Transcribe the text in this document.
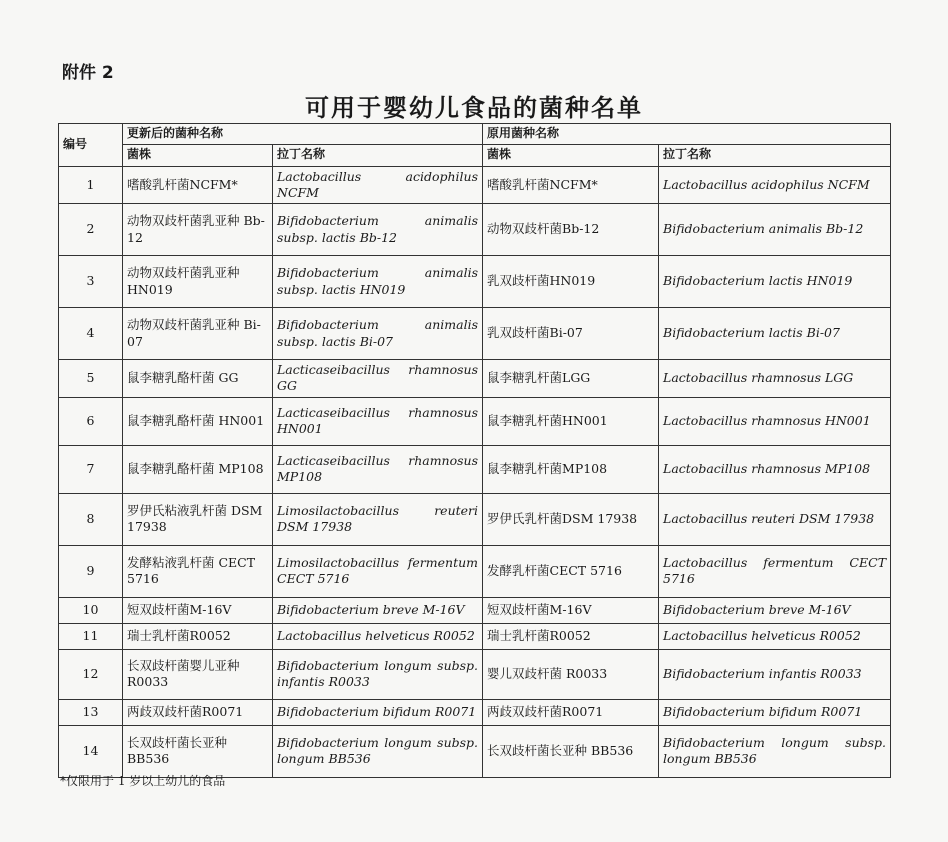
附件 2
可用于婴幼儿食品的菌种名单
编号	更新后的菌种名称		原用菌种名称	
	菌株	拉丁名称	菌株	拉丁名称
1	嗜酸乳杆菌NCFM*	Lactobacillus acidophilus NCFM	嗜酸乳杆菌NCFM*	Lactobacillus acidophilus NCFM
2	动物双歧杆菌乳亚种 Bb-12	Bifidobacterium animalis subsp. lactis Bb-12	动物双歧杆菌Bb-12	Bifidobacterium animalis Bb-12
3	动物双歧杆菌乳亚种 HN019	Bifidobacterium animalis subsp. lactis HN019	乳双歧杆菌HN019	Bifidobacterium lactis HN019
4	动物双歧杆菌乳亚种 Bi-07	Bifidobacterium animalis subsp. lactis Bi-07	乳双歧杆菌Bi-07	Bifidobacterium lactis Bi-07
5	鼠李糖乳酪杆菌 GG	Lacticaseibacillus rhamnosus GG	鼠李糖乳杆菌LGG	Lactobacillus rhamnosus LGG
6	鼠李糖乳酪杆菌 HN001	Lacticaseibacillus rhamnosus HN001	鼠李糖乳杆菌HN001	Lactobacillus rhamnosus HN001
7	鼠李糖乳酪杆菌 MP108	Lacticaseibacillus rhamnosus MP108	鼠李糖乳杆菌MP108	Lactobacillus rhamnosus MP108
8	罗伊氏粘液乳杆菌 DSM 17938	Limosilactobacillus reuteri DSM 17938	罗伊氏乳杆菌DSM 17938	Lactobacillus reuteri DSM 17938
9	发酵粘液乳杆菌 CECT 5716	Limosilactobacillus fermentum CECT 5716	发酵乳杆菌CECT 5716	Lactobacillus fermentum CECT 5716
10	短双歧杆菌M-16V	Bifidobacterium breve M-16V	短双歧杆菌M-16V	Bifidobacterium breve M-16V
11	瑞士乳杆菌R0052	Lactobacillus helveticus R0052	瑞士乳杆菌R0052	Lactobacillus helveticus R0052
12	长双歧杆菌婴儿亚种 R0033	Bifidobacterium longum subsp. infantis R0033	婴儿双歧杆菌 R0033	Bifidobacterium infantis R0033
13	两歧双歧杆菌R0071	Bifidobacterium bifidum R0071	两歧双歧杆菌R0071	Bifidobacterium bifidum R0071
14	长双歧杆菌长亚种 BB536	Bifidobacterium longum subsp. longum BB536	长双歧杆菌长亚种 BB536	Bifidobacterium longum subsp. longum BB536
*仅限用于 1 岁以上幼儿的食品
